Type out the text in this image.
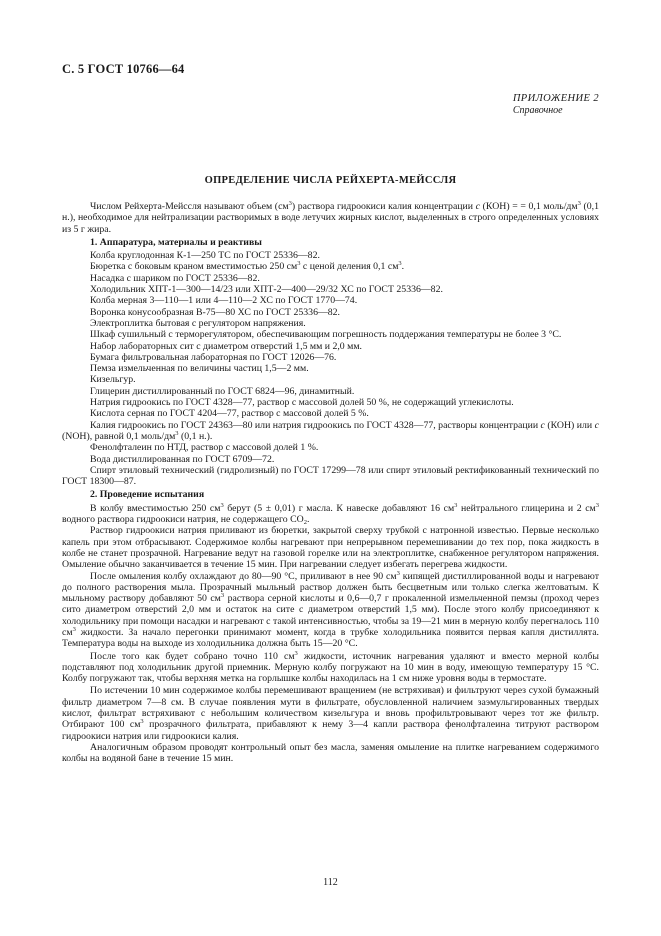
С. 5 ГОСТ 10766—64
ПРИЛОЖЕНИЕ 2
Справочное
ОПРЕДЕЛЕНИЕ ЧИСЛА РЕЙХЕРТА-МЕЙССЛЯ

Числом Рейхерта-Мейссля называют объем $(см^3)$ раствора гидроокиси калия концентрации c (КОН) = = 0,1 моль/$дм^3$ (0,1 н.), необходимое для нейтрализации растворимых в воде летучих жирных кислот, выделенных в строго определенных условиях из 5 г жира.

1. Аппаратура, материалы и реактивы

Колба круглодонная К-1—250 ТС по ГОСТ 25336—82.

Бюретка с боковым краном вместимостью 250 $см^3$ с ценой деления 0,1 $см^3$.

Насадка с шариком по ГОСТ 25336—82.

Холодильник ХПТ-1—300—14/23 или ХПТ-2—400—29/32 ХС по ГОСТ 25336—82.

Колба мерная 3—110—1 или 4—110—2 ХС по ГОСТ 1770—74.

Воронка конусообразная В-75—80 ХС по ГОСТ 25336—82.

Электроплитка бытовая с регулятором напряжения.

Шкаф сушильный с терморегулятором, обеспечивающим погрешность поддержания температуры не более 3 °С.

Набор лабораторных сит с диаметром отверстий 1,5 мм и 2,0 мм.

Бумага фильтровальная лабораторная по ГОСТ 12026—76.

Пемза измельченная по величины частиц 1,5—2 мм.

Кизельгур.

Глицерин дистиллированный по ГОСТ 6824—96, динамитный.

Натрия гидроокись по ГОСТ 4328—77, раствор с массовой долей 50 %, не содержащий углекислоты.

Кислота серная по ГОСТ 4204—77, раствор с массовой долей 5 %.

Калия гидроокись по ГОСТ 24363—80 или натрия гидроокись по ГОСТ 4328—77, растворы концентрации c (КОН) или c (NОН), равной 0,1 моль/$дм^3$ (0,1 н.).

Фенолфталеин по НТД, раствор с массовой долей 1 %.

Вода дистиллированная по ГОСТ 6709—72.

Спирт этиловый технический (гидролизный) по ГОСТ 17299—78 или спирт этиловый ректификованный технический по ГОСТ 18300—87.

2. Проведение испытания

В колбу вместимостью 250 $см^3$ берут (5 ± 0,01) г масла. К навеске добавляют 16 $см^3$ нейтрального глицерина и 2 $см^3$ водного раствора гидроокиси натрия, не содержащего $СО_2$.

Раствор гидроокиси натрия приливают из бюретки, закрытой сверху трубкой с натронной известью. Первые несколько капель при этом отбрасывают. Содержимое колбы нагревают при непрерывном перемешивании до тех пор, пока жидкость в колбе не станет прозрачной. Нагревание ведут на газовой горелке или на электроплитке, снабженное регулятором напряжения. Омыление обычно заканчивается в течение 15 мин. При нагревании следует избегать перегрева жидкости.

После омыления колбу охлаждают до 80—90 °С, приливают в нее 90 $см^3$ кипящей дистиллированной воды и нагревают до полного растворения мыла. Прозрачный мыльный раствор должен быть бесцветным или только слегка желтоватым. К мыльному раствору добавляют 50 $см^3$ раствора серной кислоты и 0,6—0,7 г прокаленной измельченной пемзы (проход через сито диаметром отверстий 2,0 мм и остаток на сите с диаметром отверстий 1,5 мм). После этого колбу присоединяют к холодильнику при помощи насадки и нагревают с такой интенсивностью, чтобы за 19—21 мин в мерную колбу перегналось 110 $см^3$ жидкости. За началo перегонки принимают момент, когда в трубке холодильника появится первая капля дистиллята. Температура воды на выходе из холодильника должна быть 15—20 °С.

После того как будет собрано точно 110 $см^3$ жидкости, источник нагревания удаляют и вместо мерной колбы подставляют под холодильник другой приемник. Мерную колбу погружают на 10 мин в воду, имеющую температуру 15 °С. Колбу погружают так, чтобы верхняя метка на горлышке колбы находилась на 1 см ниже уровня воды в термостате.

По истечении 10 мин содержимое колбы перемешивают вращением (не встряхивая) и фильтруют через сухой бумажный фильтр диаметром 7—8 см. В случае появления мути в фильтрате, обусловленной наличием заэмульгированных твердых кислот, фильтрат встряхивают с небольшим количеством кизельгура и вновь профильтровывают через тот же фильтр. Отбирают 100 $см^3$ прозрачного фильтрата, прибавляют к нему 3—4 капли раствора фенолфталеина титруют раствором гидроокиси натрия или гидроокиси калия.

Аналогичным образом проводят контрольный опыт без масла, заменяя омыление на плитке нагреванием содержимого колбы на водяной бане в течение 15 мин.

112
